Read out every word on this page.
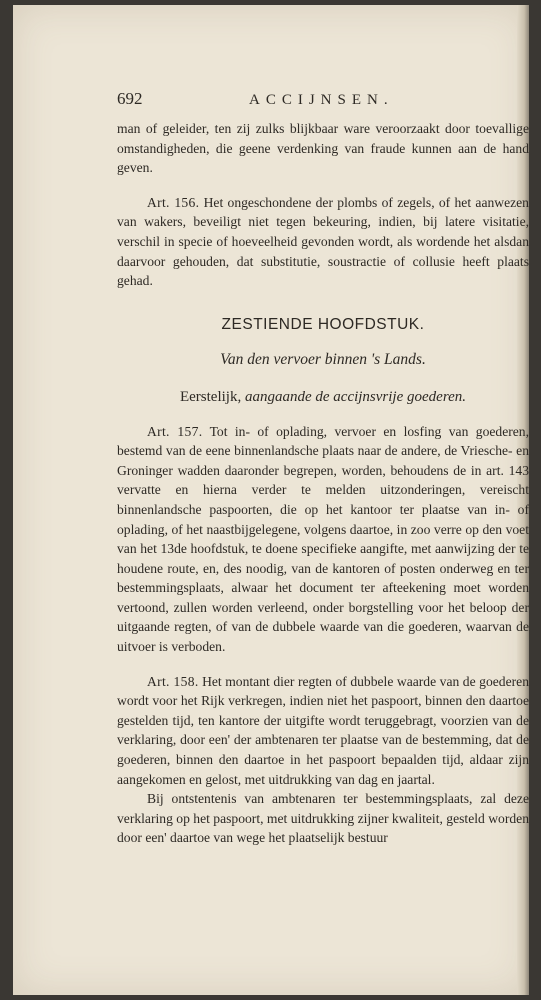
692	ACCIJNSEN.

man of geleider, ten zij zulks blijkbaar ware veroorzaakt door toevallige omstandigheden, die geene verdenking van fraude kunnen aan de hand geven.

Art. 156. Het ongeschondene der plombs of zegels, of het aanwezen van wakers, beveiligt niet tegen bekeuring, indien, bij latere visitatie, verschil in specie of hoeveelheid gevonden wordt, als wordende het alsdan daarvoor gehouden, dat substitutie, soustractie of collusie heeft plaats gehad.

ZESTIENDE HOOFDSTUK.
Van den vervoer binnen 's Lands.
Eerstelijk, aangaande de accijnsvrije goederen.

Art. 157. Tot in- of oplading, vervoer en losfing van goederen, bestemd van de eene binnenlandsche plaats naar de andere, de Vriesche- en Groninger wadden daaronder begrepen, worden, behoudens de in art. 143 vervatte en hierna verder te melden uitzonderingen, vereischt binnenlandsche paspoorten, die op het kantoor ter plaatse van in- of oplading, of het naastbijgelegene, volgens daartoe, in zoo verre op den voet van het 13de hoofdstuk, te doene specifieke aangifte, met aanwijzing der te houdene route, en, des noodig, van de kantoren of posten onderweg en ter bestemmingsplaats, alwaar het document ter afteekening moet worden vertoond, zullen worden verleend, onder borgstelling voor het beloop der uitgaande regten, of van de dubbele waarde van die goederen, waarvan de uitvoer is verboden.

Art. 158. Het montant dier regten of dubbele waarde van de goederen wordt voor het Rijk verkregen, indien niet het paspoort, binnen den daartoe gestelden tijd, ten kantore der uitgifte wordt teruggebragt, voorzien van de verklaring, door een' der ambtenaren ter plaatse van de bestemming, dat de goederen, binnen den daartoe in het paspoort bepaalden tijd, aldaar zijn aangekomen en gelost, met uitdrukking van dag en jaartal.

Bij ontstentenis van ambtenaren ter bestemmingsplaats, zal deze verklaring op het paspoort, met uitdrukking zijner kwaliteit, gesteld worden door een' daartoe van wege het plaatselijk bestuur
